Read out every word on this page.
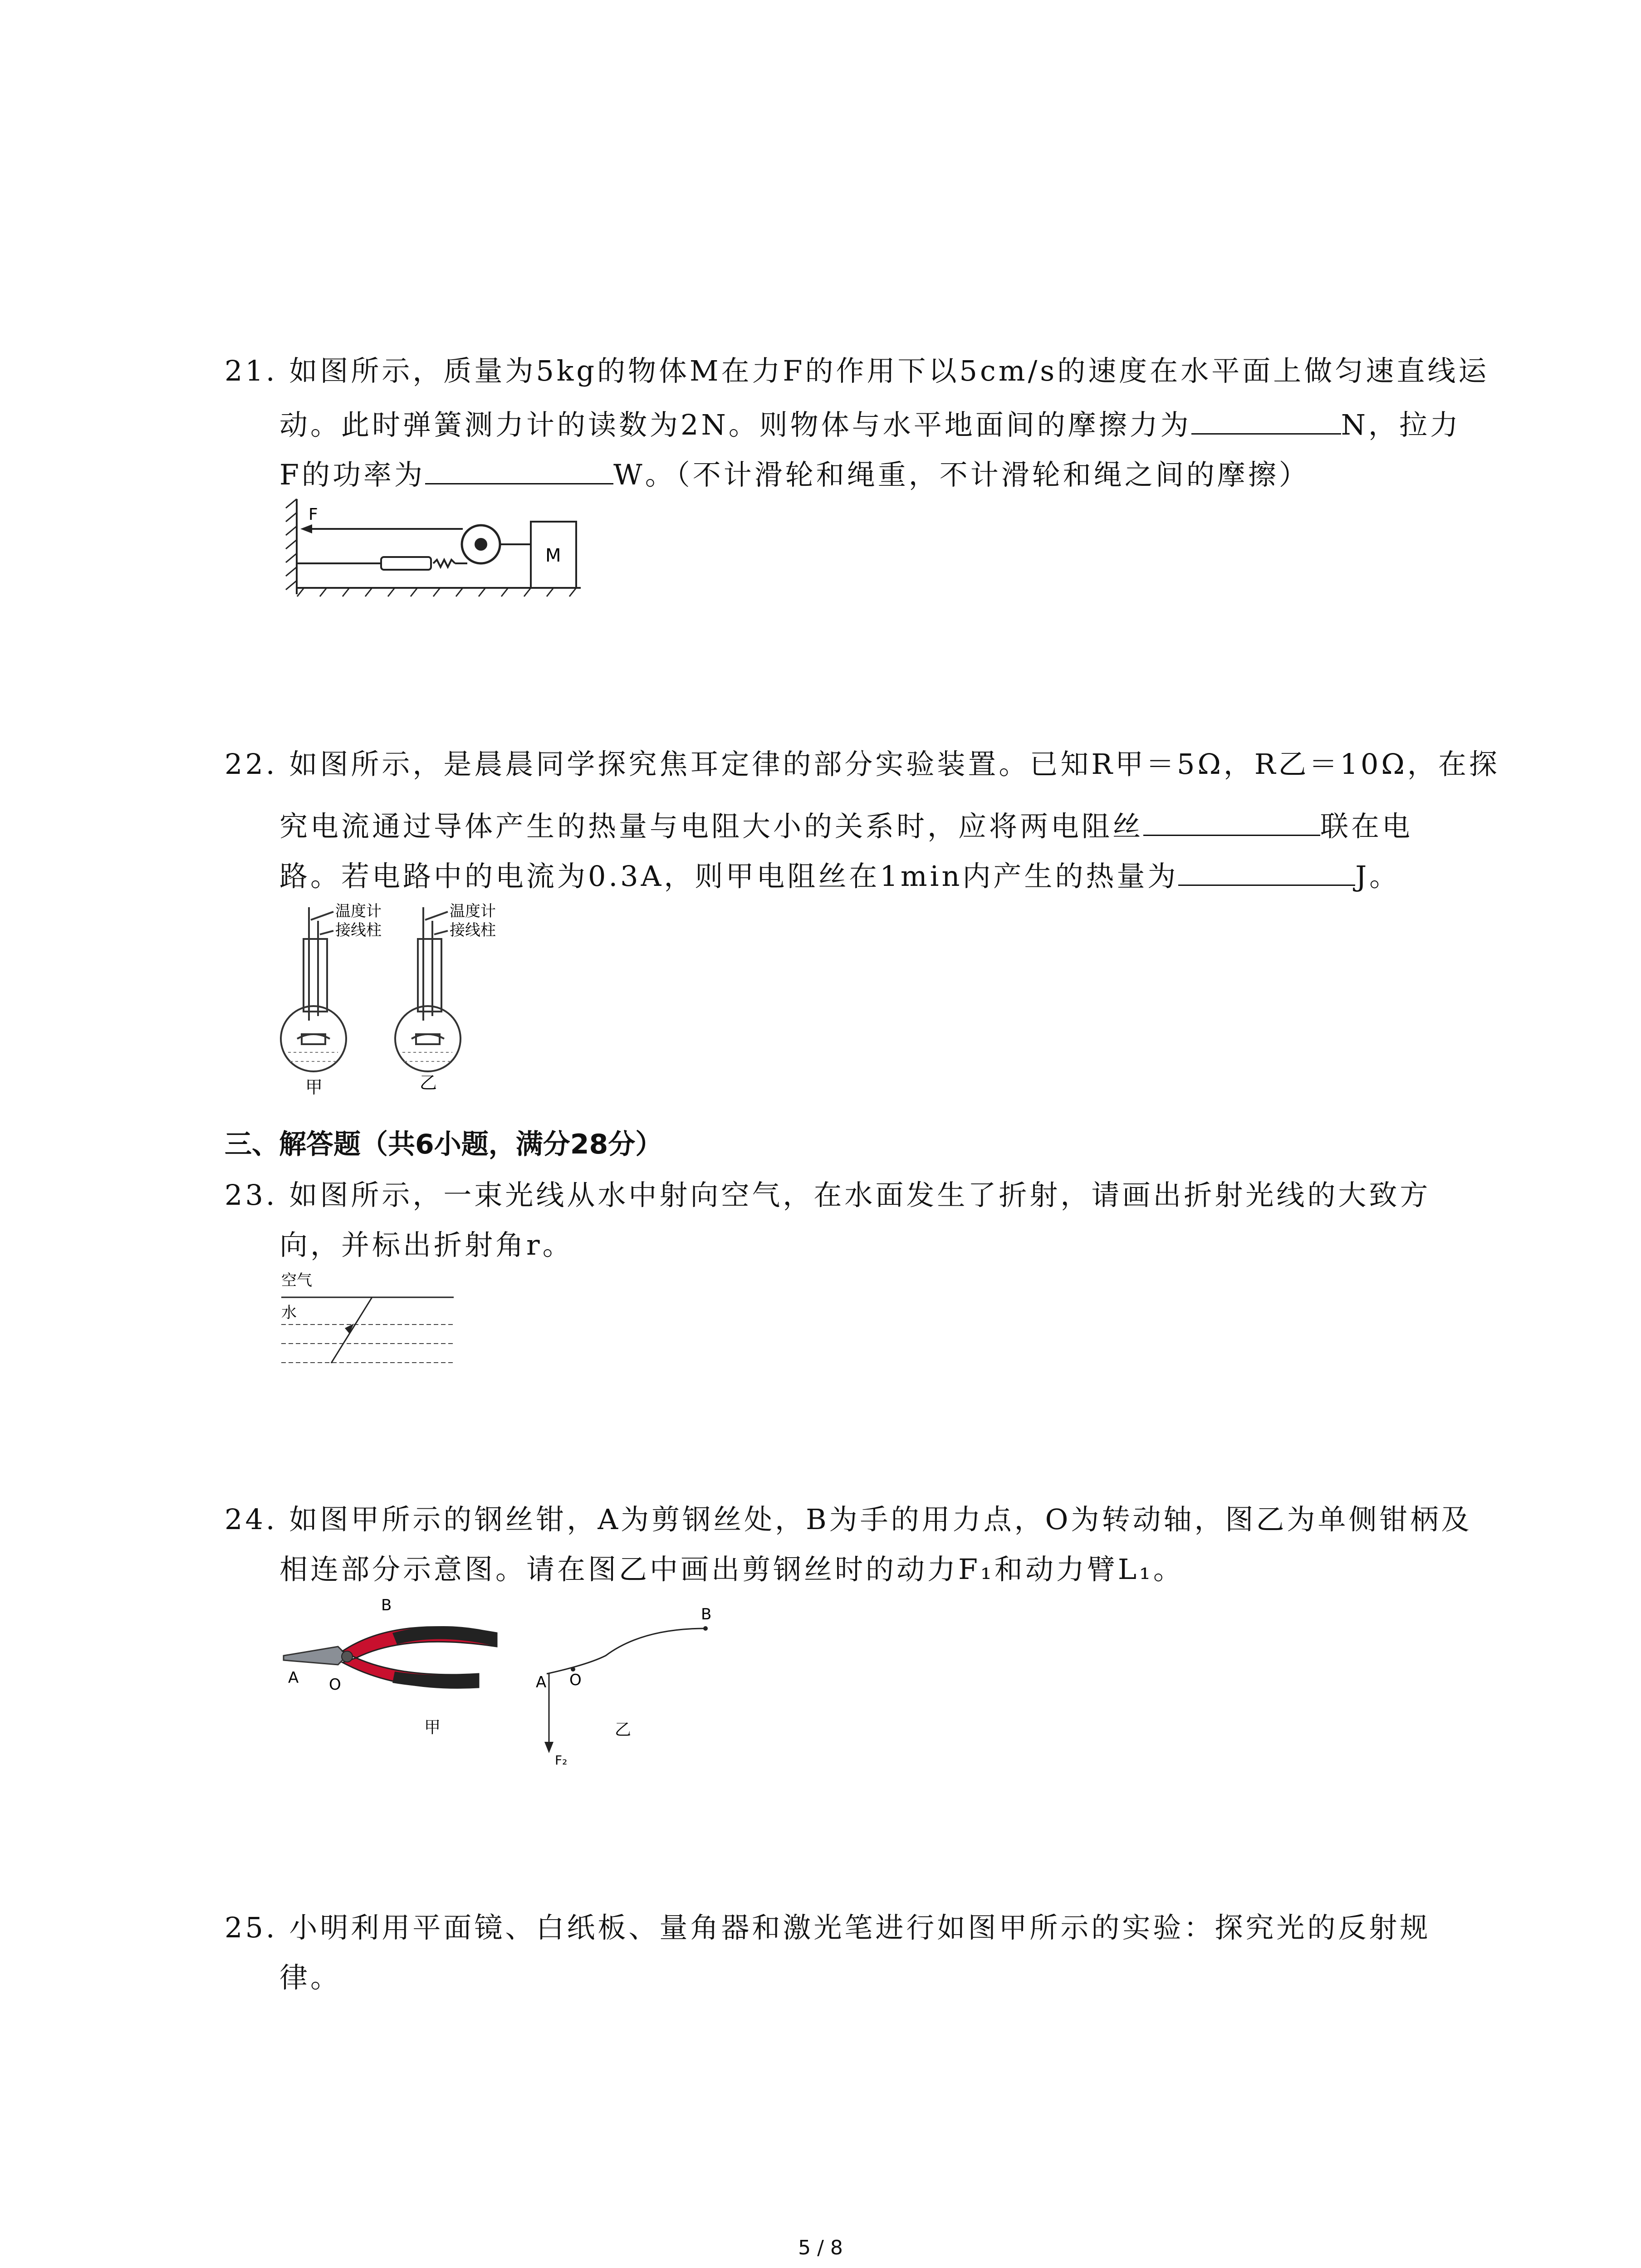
21. 如图所示，质量为5kg的物体M在力F的作用下以5cm/s的速度在水平面上做匀速直线运
动。此时弹簧测力计的读数为2N。则物体与水平地面间的摩擦力为	N，拉力
F的功率为	W。（不计滑轮和绳重，不计滑轮和绳之间的摩擦）
F
M
22. 如图所示，是晨晨同学探究焦耳定律的部分实验装置。已知R甲＝5Ω，R乙＝10Ω，在探
究电流通过导体产生的热量与电阻大小的关系时，应将两电阻丝	联在电
路。若电路中的电流为0.3A，则甲电阻丝在1min内产生的热量为	J。
温度计
接线柱
温度计
接线柱
甲	乙
三、解答题（共6小题，满分28分）
23. 如图所示，一束光线从水中射向空气，在水面发生了折射，请画出折射光线的大致方
向，并标出折射角r。
空气
水
24. 如图甲所示的钢丝钳，A为剪钢丝处，B为手的用力点，O为转动轴，图乙为单侧钳柄及
相连部分示意图。请在图乙中画出剪钢丝时的动力F₁和动力臂L₁。
B
A O
甲
B
A O
乙
F₂
25. 小明利用平面镜、白纸板、量角器和激光笔进行如图甲所示的实验：探究光的反射规
律。
5 / 8
